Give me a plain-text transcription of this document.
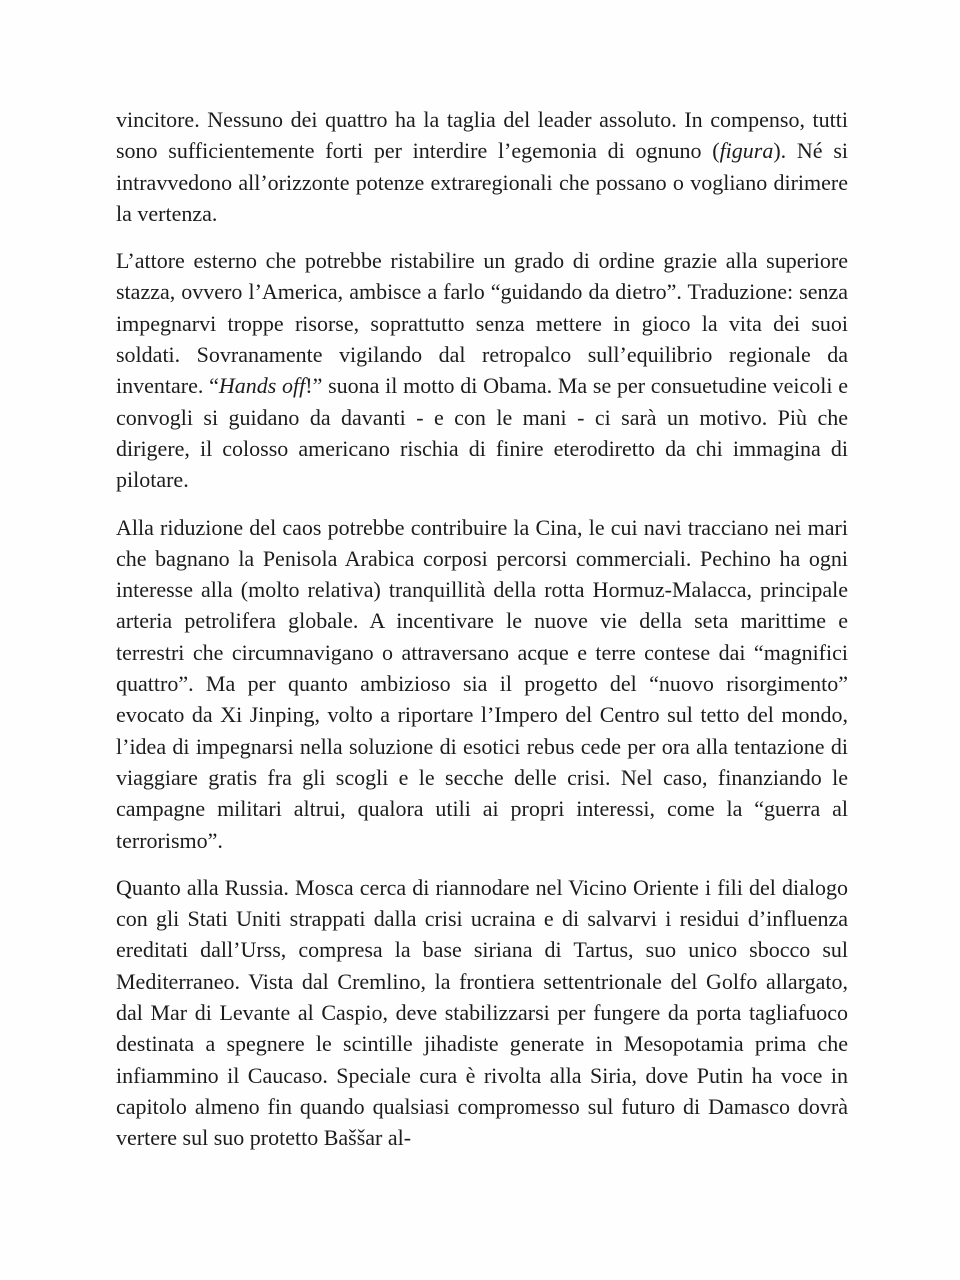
vincitore. Nessuno dei quattro ha la taglia del leader assoluto. In compenso, tutti sono sufficientemente forti per interdire l’egemonia di ognuno (figura). Né si intravvedono all’orizzonte potenze extraregionali che possano o vogliano dirimere la vertenza.

L’attore esterno che potrebbe ristabilire un grado di ordine grazie alla superiore stazza, ovvero l’America, ambisce a farlo “guidando da dietro”. Traduzione: senza impegnarvi troppe risorse, soprattutto senza mettere in gioco la vita dei suoi soldati. Sovranamente vigilando dal retropalco sull’equilibrio regionale da inventare. “Hands off!” suona il motto di Obama. Ma se per consuetudine veicoli e convogli si guidano da davanti - e con le mani - ci sarà un motivo. Più che dirigere, il colosso americano rischia di finire eterodiretto da chi immagina di pilotare.

Alla riduzione del caos potrebbe contribuire la Cina, le cui navi tracciano nei mari che bagnano la Penisola Arabica corposi percorsi commerciali. Pechino ha ogni interesse alla (molto relativa) tranquillità della rotta Hormuz-Malacca, principale arteria petrolifera globale. A incentivare le nuove vie della seta marittime e terrestri che circumnavigano o attraversano acque e terre contese dai “magnifici quattro”. Ma per quanto ambizioso sia il progetto del “nuovo risorgimento” evocato da Xi Jinping, volto a riportare l’Impero del Centro sul tetto del mondo, l’idea di impegnarsi nella soluzione di esotici rebus cede per ora alla tentazione di viaggiare gratis fra gli scogli e le secche delle crisi. Nel caso, finanziando le campagne militari altrui, qualora utili ai propri interessi, come la “guerra al terrorismo”.

Quanto alla Russia. Mosca cerca di riannodare nel Vicino Oriente i fili del dialogo con gli Stati Uniti strappati dalla crisi ucraina e di salvarvi i residui d’influenza ereditati dall’Urss, compresa la base siriana di Tartus, suo unico sbocco sul Mediterraneo. Vista dal Cremlino, la frontiera settentrionale del Golfo allargato, dal Mar di Levante al Caspio, deve stabilizzarsi per fungere da porta tagliafuoco destinata a spegnere le scintille jihadiste generate in Mesopotamia prima che infiammino il Caucaso. Speciale cura è rivolta alla Siria, dove Putin ha voce in capitolo almeno fin quando qualsiasi compromesso sul futuro di Damasco dovrà vertere sul suo protetto Baššar al-
